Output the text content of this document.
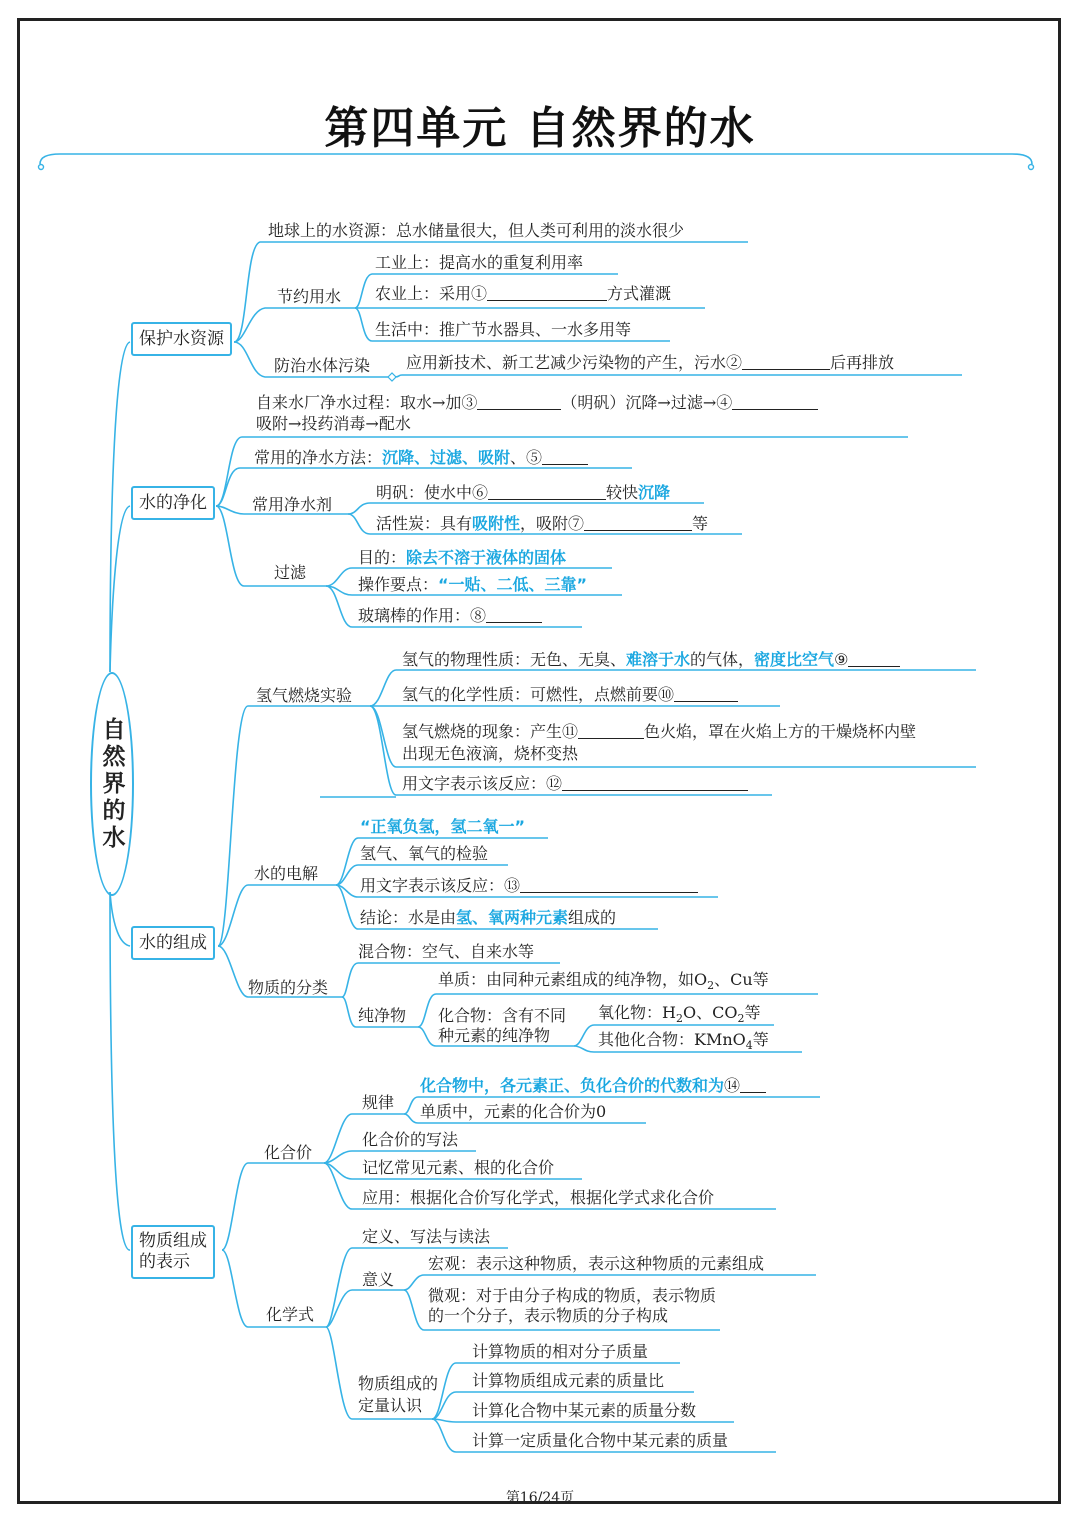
第四单元 自然界的水
自然界的水
保护水资源
地球上的水资源：总水储量很大，但人类可利用的淡水很少
节约用水
工业上：提高水的重复利用率
农业上：采用①	方式灌溉
生活中：推广节水器具、一水多用等
防治水体污染 应用新技术、新工艺减少污染物的产生，污水②	后再排放
水的净化
自来水厂净水过程：取水→加③	（明矾）沉降→过滤→④
吸附→投药消毒→配水
常用的净水方法：沉降、过滤、吸附、⑤
常用净水剂
明矾：使水中⑥	较快沉降
活性炭：具有吸附性，吸附⑦	等
过滤
目的：除去不溶于液体的固体
操作要点：“一贴、二低、三靠”
玻璃棒的作用：⑧
水的组成
氢气燃烧实验
氢气的物理性质：无色、无臭、难溶于水的气体，密度比空气⑨
氢气的化学性质：可燃性，点燃前要⑩
氢气燃烧的现象：产生⑪	色火焰，罩在火焰上方的干燥烧杯内壁
出现无色液滴，烧杯变热
用文字表示该反应：⑫
水的电解
“正氧负氢，氢二氧一”
氢气、氧气的检验
用文字表示该反应：⑬
结论：水是由氢、氧两种元素组成的
物质的分类
混合物：空气、自来水等
纯净物
单质：由同种元素组成的纯净物，如$O_2$、Cu等
化合物：含有不同
种元素的纯净物
氧化物：$H_2O$、$CO_2$等
其他化合物：KMnO$_4$等
物质组成
的表示
化合价
规律
化合物中，各元素正、负化合价的代数和为⑭
单质中，元素的化合价为0
化合价的写法
记忆常见元素、根的化合价
应用：根据化合价写化学式，根据化学式求化合价
化学式
定义、写法与读法
意义
宏观：表示这种物质，表示这种物质的元素组成
微观：对于由分子构成的物质，表示物质
的一个分子，表示物质的分子构成
物质组成的
定量认识
计算物质的相对分子质量
计算物质组成元素的质量比
计算化合物中某元素的质量分数
计算一定质量化合物中某元素的质量
第16/24页
